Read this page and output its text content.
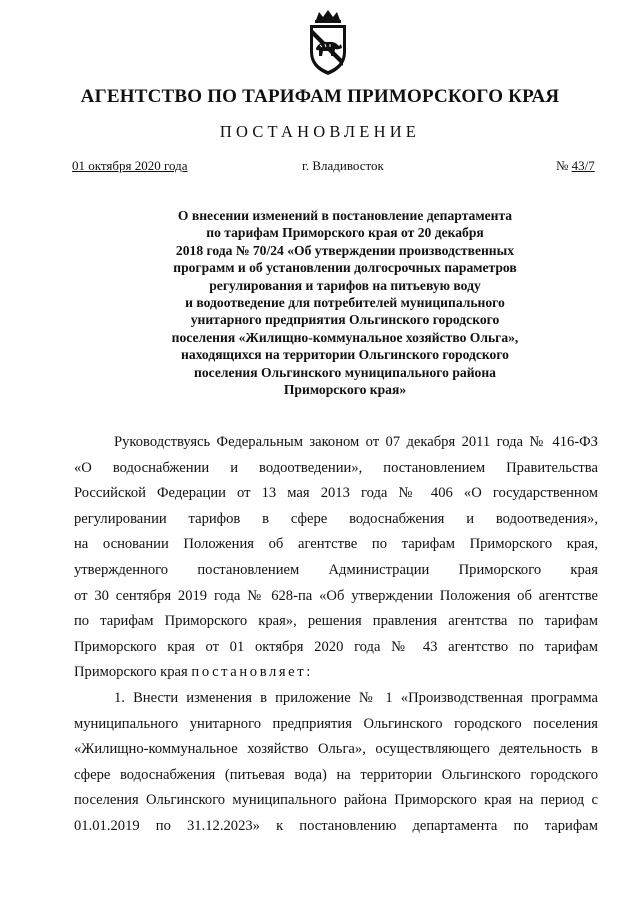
АГЕНТСТВО ПО ТАРИФАМ ПРИМОРСКОГО КРАЯ
ПОСТАНОВЛЕНИЕ
01 октября 2020 года	г. Владивосток	№ 43/7
О внесении изменений в постановление департамента
по тарифам Приморского края от 20 декабря
2018 года № 70/24 «Об утверждении производственных
программ и об установлении долгосрочных параметров
регулирования и тарифов на питьевую воду
и водоотведение для потребителей муниципального
унитарного предприятия Ольгинского городского
поселения «Жилищно-коммунальное хозяйство Ольга»,
находящихся на территории Ольгинского городского
поселения Ольгинского муниципального района
Приморского края»
Руководствуясь Федеральным законом от 07 декабря 2011 года № 416-ФЗ
«О водоснабжении и водоотведении», постановлением Правительства
Российской Федерации от 13 мая 2013 года № 406 «О государственном
регулировании тарифов в сфере водоснабжения и водоотведения»,
на основании Положения об агентстве по тарифам Приморского края,
утвержденного постановлением Администрации Приморского края
от 30 сентября 2019 года № 628-па «Об утверждении Положения об агентстве
по тарифам Приморского края», решения правления агентства по тарифам
Приморского края от 01 октября 2020 года № 43 агентство по тарифам
Приморского края постановляет:
1. Внести изменения в приложение № 1 «Производственная программа
муниципального унитарного предприятия Ольгинского городского поселения
«Жилищно-коммунальное хозяйство Ольга», осуществляющего деятельность в
сфере водоснабжения (питьевая вода) на территории Ольгинского городского
поселения Ольгинского муниципального района Приморского края на период с
01.01.2019 по 31.12.2023» к постановлению департамента по тарифам
